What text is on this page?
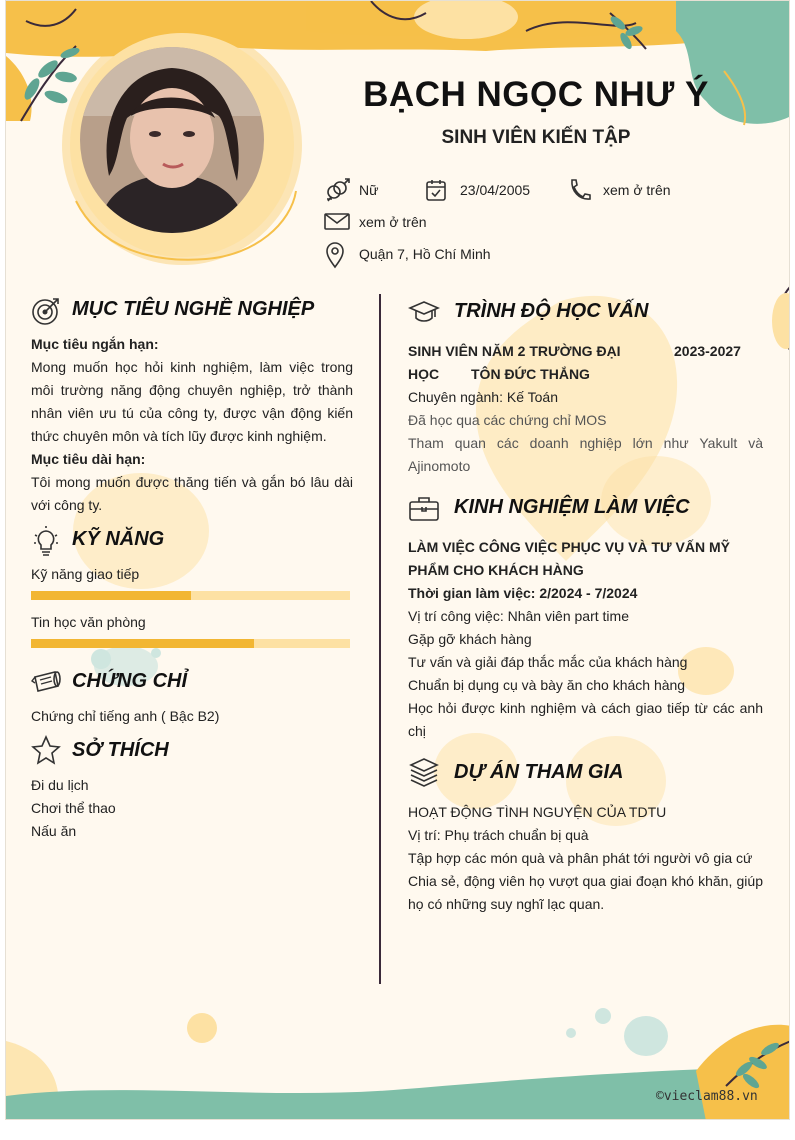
BẠCH NGỌC NHƯ Ý
SINH VIÊN KIẾN TẬP
Nữ	23/04/2005	xem ở trên
xem ở trên
Quận 7, Hồ Chí Minh
MỤC TIÊU NGHỀ NGHIỆP
Mục tiêu ngắn hạn:
Mong muốn học hỏi kinh nghiệm, làm việc trong môi trường năng động chuyên nghiệp, trở thành nhân viên ưu tú của công ty, được vận động kiến thức chuyên môn và tích lũy được kinh nghiệm.
Mục tiêu dài hạn:
Tôi mong muốn được thăng tiến và gắn bó lâu dài với công ty.
KỸ NĂNG
Kỹ năng giao tiếp
Tin học văn phòng
CHỨNG CHỈ
Chứng chỉ tiếng anh ( Bậc B2)
SỞ THÍCH
Đi du lịch
Chơi thể thao
Nấu ăn
TRÌNH ĐỘ HỌC VẤN
SINH VIÊN NĂM 2 TRƯỜNG ĐẠI HỌC	TÔN ĐỨC THẮNG
2023-2027
Chuyên ngành: Kế Toán
Đã học qua các chứng chỉ MOS
Tham quan các doanh nghiệp lớn như Yakult và Ajinomoto
KINH NGHIỆM LÀM VIỆC
LÀM VIỆC CÔNG VIỆC PHỤC VỤ VÀ TƯ VẤN MỸ PHẨM CHO KHÁCH HÀNG
Thời gian làm việc: 2/2024 - 7/2024
Vị trí công việc: Nhân viên part time
Gặp gỡ khách hàng
Tư vấn và giải đáp thắc mắc của khách hàng
Chuẩn bị dụng cụ và bày ăn cho khách hàng
Học hỏi được kinh nghiệm và cách giao tiếp từ các anh chị
DỰ ÁN THAM GIA
HOẠT ĐỘNG TÌNH NGUYỆN CỦA TDTU
Vị trí: Phụ trách chuẩn bị quà
Tập hợp các món quà và phân phát tới người vô gia cứ
Chia sẻ, động viên họ vượt qua giai đoạn khó khăn, giúp họ có những suy nghĩ lạc quan.
©vieclam88.vn
